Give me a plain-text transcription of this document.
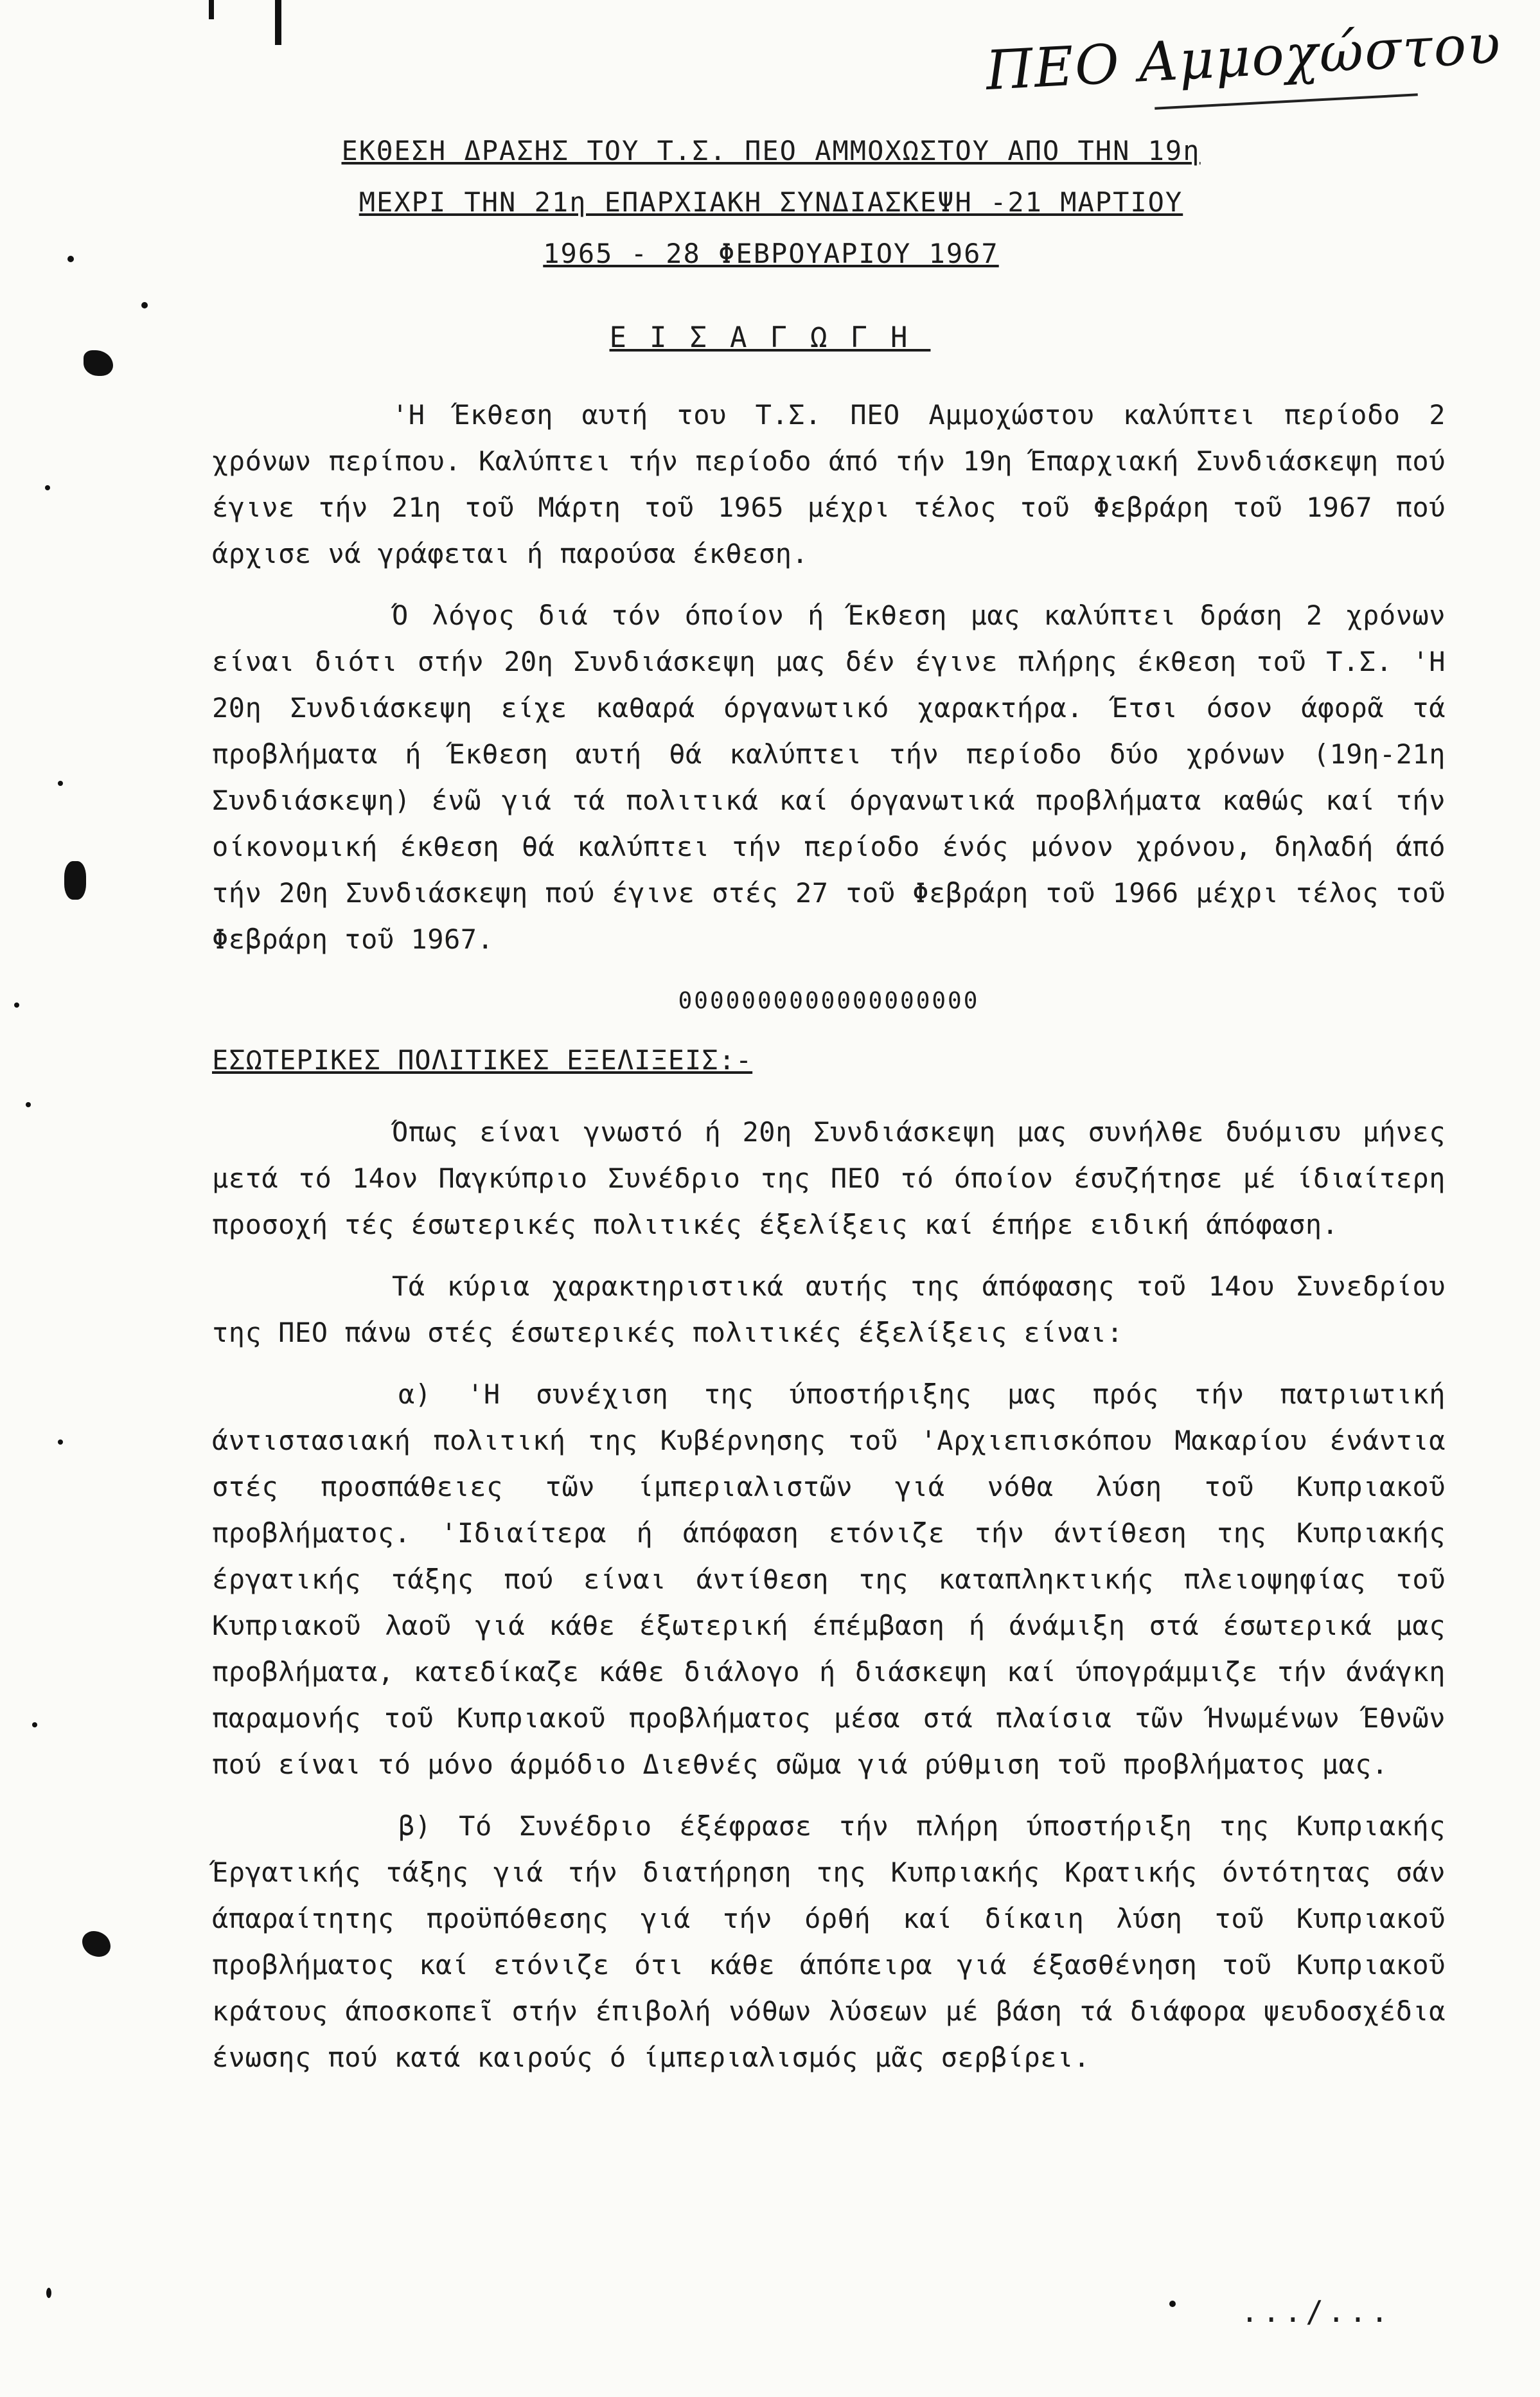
ΠΕΟ Αμμοχώστου
ΕΚΘΕΣΗ ΔΡΑΣΗΣ ΤΟΥ Τ.Σ. ΠΕΟ ΑΜΜΟΧΩΣΤΟΥ ΑΠΟ ΤΗΝ 19η
ΜΕΧΡΙ ΤΗΝ 21η ΕΠΑΡΧΙΑΚΗ ΣΥΝΔΙΑΣΚΕΨΗ -21 ΜΑΡΤΙΟΥ
1965 - 28 ΦΕΒΡΟΥΑΡΙΟΥ 1967
ΕΙΣΑΓΩΓΗ

'Η Έκθεση αυτή του Τ.Σ. ΠΕΟ Αμμοχώστου καλύπτει περίοδο 2 χρόνων περίπου. Καλύπτει τήν περίοδο άπό τήν 19η Έπαρχιακή Συνδιάσκεψη πού έγινε τήν 21η τοῦ Μάρτη τοῦ 1965 μέχρι τέλος τοῦ Φεβράρη τοῦ 1967 πού άρχισε νά γράφεται ή παρούσα έκθεση.

Ό λόγος διά τόν όποίον ή Έκθεση μας καλύπτει δράση 2 χρόνων είναι διότι στήν 20η Συνδιάσκεψη μας δέν έγινε πλήρης έκθεση τοῦ Τ.Σ. 'Η 20η Συνδιάσκεψη είχε καθαρά όργανωτικό χαρακτήρα. Έτσι όσον άφορᾶ τά προβλήματα ή Έκθεση αυτή θά καλύπτει τήν περίοδο δύο χρόνων (19η-21η Συνδιάσκεψη) ένῶ γιά τά πολιτικά καί όργανωτικά προβλήματα καθώς καί τήν οίκονομική έκθεση θά καλύπτει τήν περίοδο ένός μόνον χρόνου, δηλαδή άπό τήν 20η Συνδιάσκεψη πού έγινε στές 27 τοῦ Φεβράρη τοῦ 1966 μέχρι τέλος τοῦ Φεβράρη τοῦ 1967.

0000000000000000000
ΕΣΩΤΕΡΙΚΕΣ ΠΟΛΙΤΙΚΕΣ ΕΞΕΛΙΞΕΙΣ:-

Όπως είναι γνωστό ή 20η Συνδιάσκεψη μας συνήλθε δυόμισυ μήνες μετά τό 14ον Παγκύπριο Συνέδριο της ΠΕΟ τό όποίον έσυζήτησε μέ ίδιαίτερη προσοχή τές έσωτερικές πολιτικές έξελίξεις καί έπήρε ειδική άπόφαση.

Τά κύρια χαρακτηριστικά αυτής της άπόφασης τοῦ 14ου Συνεδρίου της ΠΕΟ πάνω στές έσωτερικές πολιτικές έξελίξεις είναι:

α) 'Η συνέχιση της ύποστήριξης μας πρός τήν πατριωτική άντιστασιακή πολιτική της Κυβέρνησης τοῦ 'Αρχιεπισκόπου Μακαρίου ένάντια στές προσπάθειες τῶν ίμπεριαλιστῶν γιά νόθα λύση τοῦ Κυπριακοῦ προβλήματος. 'Ιδιαίτερα ή άπόφαση ετόνιζε τήν άντίθεση της Κυπριακής έργατικής τάξης πού είναι άντίθεση της καταπληκτικής πλειοψηφίας τοῦ Κυπριακοῦ λαοῦ γιά κάθε έξωτερική έπέμβαση ή άνάμιξη στά έσωτερικά μας προβλήματα, κατεδίκαζε κάθε διάλογο ή διάσκεψη καί ύπογράμμιζε τήν άνάγκη παραμονής τοῦ Κυπριακοῦ προβλήματος μέσα στά πλαίσια τῶν Ήνωμένων Έθνῶν πού είναι τό μόνο άρμόδιο Διεθνές σῶμα γιά ρύθμιση τοῦ προβλήματος μας.

β) Τό Συνέδριο έξέφρασε τήν πλήρη ύποστήριξη της Κυπριακής Έργατικής τάξης γιά τήν διατήρηση της Κυπριακής Κρατικής όντότητας σάν άπαραίτητης προϋπόθεσης γιά τήν όρθή καί δίκαιη λύση τοῦ Κυπριακοῦ προβλήματος καί ετόνιζε ότι κάθε άπόπειρα γιά έξασθένηση τοῦ Κυπριακοῦ κράτους άποσκοπεῖ στήν έπιβολή νόθων λύσεων μέ βάση τά διάφορα ψευδοσχέδια ένωσης πού κατά καιρούς ό ίμπεριαλισμός μᾶς σερβίρει.

.../...
